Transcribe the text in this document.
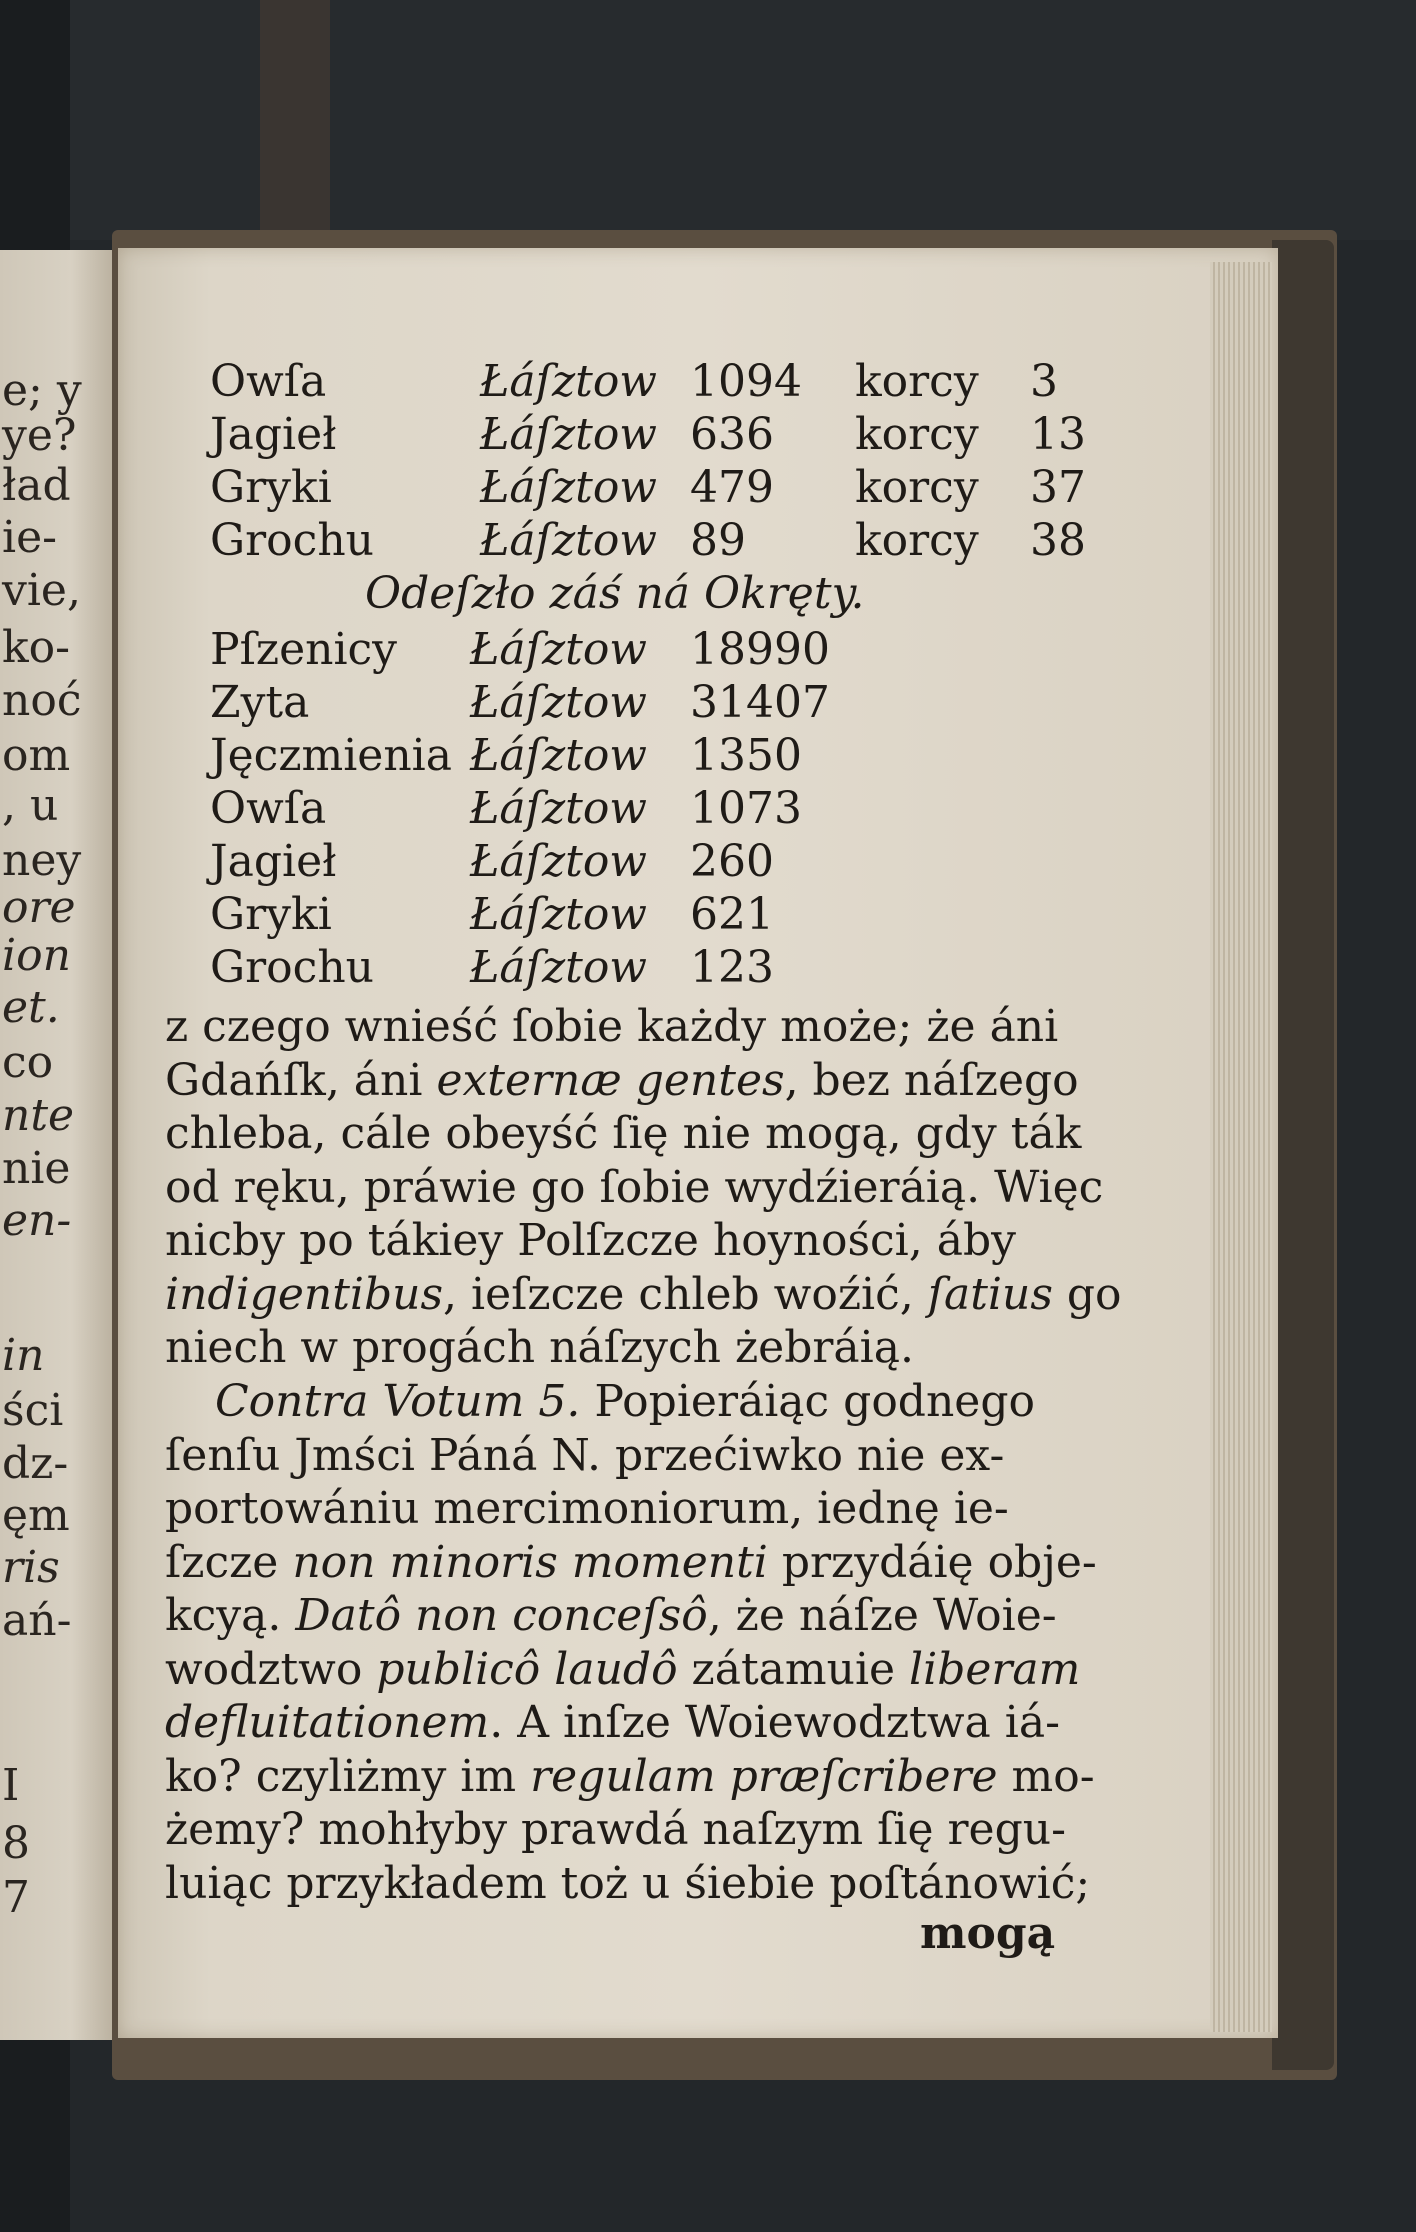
e; y
ye?
ład
ie-
vie,
ko-
noć
om
, u
ney
ore
ion
et.
co
nte
nie
en-
in
ści
dz-
ęm
ris
ań-
I
8
7
Owſa	Łáſztow 1094 korcy 3
Jagieł	Łáſztow 636 korcy 13
Gryki	Łáſztow 479 korcy 37
Grochu Łáſztow 89 korcy 38
Odeſzło záś ná Okręty.
Pſzenicy Łáſztow 18990
Zyta	Łáſztow 31407
Jęczmienia Łáſztow 1350
Owſa	Łáſztow 1073
Jagieł	Łáſztow 260
Gryki	Łáſztow 621
Grochu Łáſztow 123
z czego wnieść ſobie każdy może; że áni
Gdańſk, áni externæ gentes, bez náſzego
chleba, cále obeyść ſię nie mogą, gdy ták
od ręku, práwie go ſobie wydźieráią. Więc
nicby po tákiey Polſzcze hoyności, áby
indigentibus, ieſzcze chleb woźić, ſatius go
niech w progách náſzych żebráią.
Contra Votum 5. Popieráiąc godnego
ſenſu Jmści Páná N. przećiwko nie ex-
portowániu mercimoniorum, iednę ie-
ſzcze non minoris momenti przydáię obje-
kcyą. Datô non conceſsô, że náſze Woie-
wodztwo publicô laudô zátamuie liberam
defluitationem. A inſze Woiewodztwa iá-
ko? czyliżmy im regulam præſcribere mo-
żemy? mohłyby prawdá naſzym ſię regu-
luiąc przykładem toż u śiebie poſtánowić;
mogą
